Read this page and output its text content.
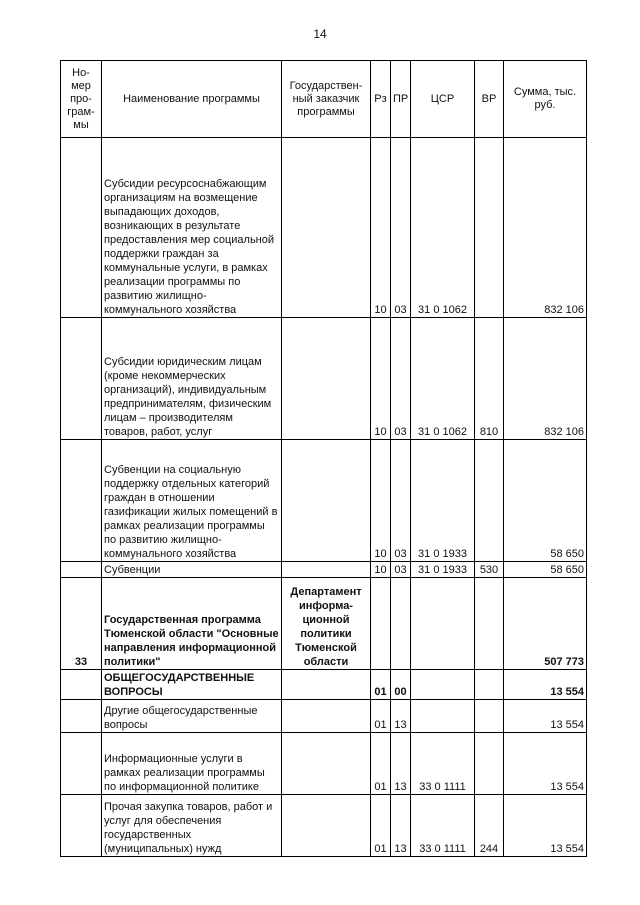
14
Но-мер про-грам-мы	Наименование программы	Государствен-ный заказчик программы	Рз	ПР	ЦСР	ВР	Сумма, тыс. руб.
	Субсидии ресурсоснабжающим организациям на возмещение выпадающих доходов, возникающих в результате предоставления мер социальной поддержки граждан за коммунальные услуги, в рамках реализации программы по развитию жилищно-коммунального хозяйства		10	03	31 0 1062		832 106
	Субсидии юридическим лицам (кроме некоммерческих организаций), индивидуальным предпринимателям, физическим лицам – производителям товаров, работ, услуг		10	03	31 0 1062	810	832 106
	Субвенции на социальную поддержку отдельных категорий граждан в отношении газификации жилых помещений в рамках реализации программы по развитию жилищно-коммунального хозяйства		10	03	31 0 1933		58 650
	Субвенции		10	03	31 0 1933	530	58 650
33	Государственная программа Тюменской области "Основные направления информационной политики"	Департамент информа-ционной политики Тюменской области					507 773
	ОБЩЕГОСУДАРСТВЕННЫЕ ВОПРОСЫ		01	00			13 554
	Другие общегосударственные вопросы		01	13			13 554
	Информационные услуги в рамках реализации программы по информационной политике		01	13	33 0 1111		13 554
	Прочая закупка товаров, работ и услуг для обеспечения государственных (муниципальных) нужд		01	13	33 0 1111	244	13 554
